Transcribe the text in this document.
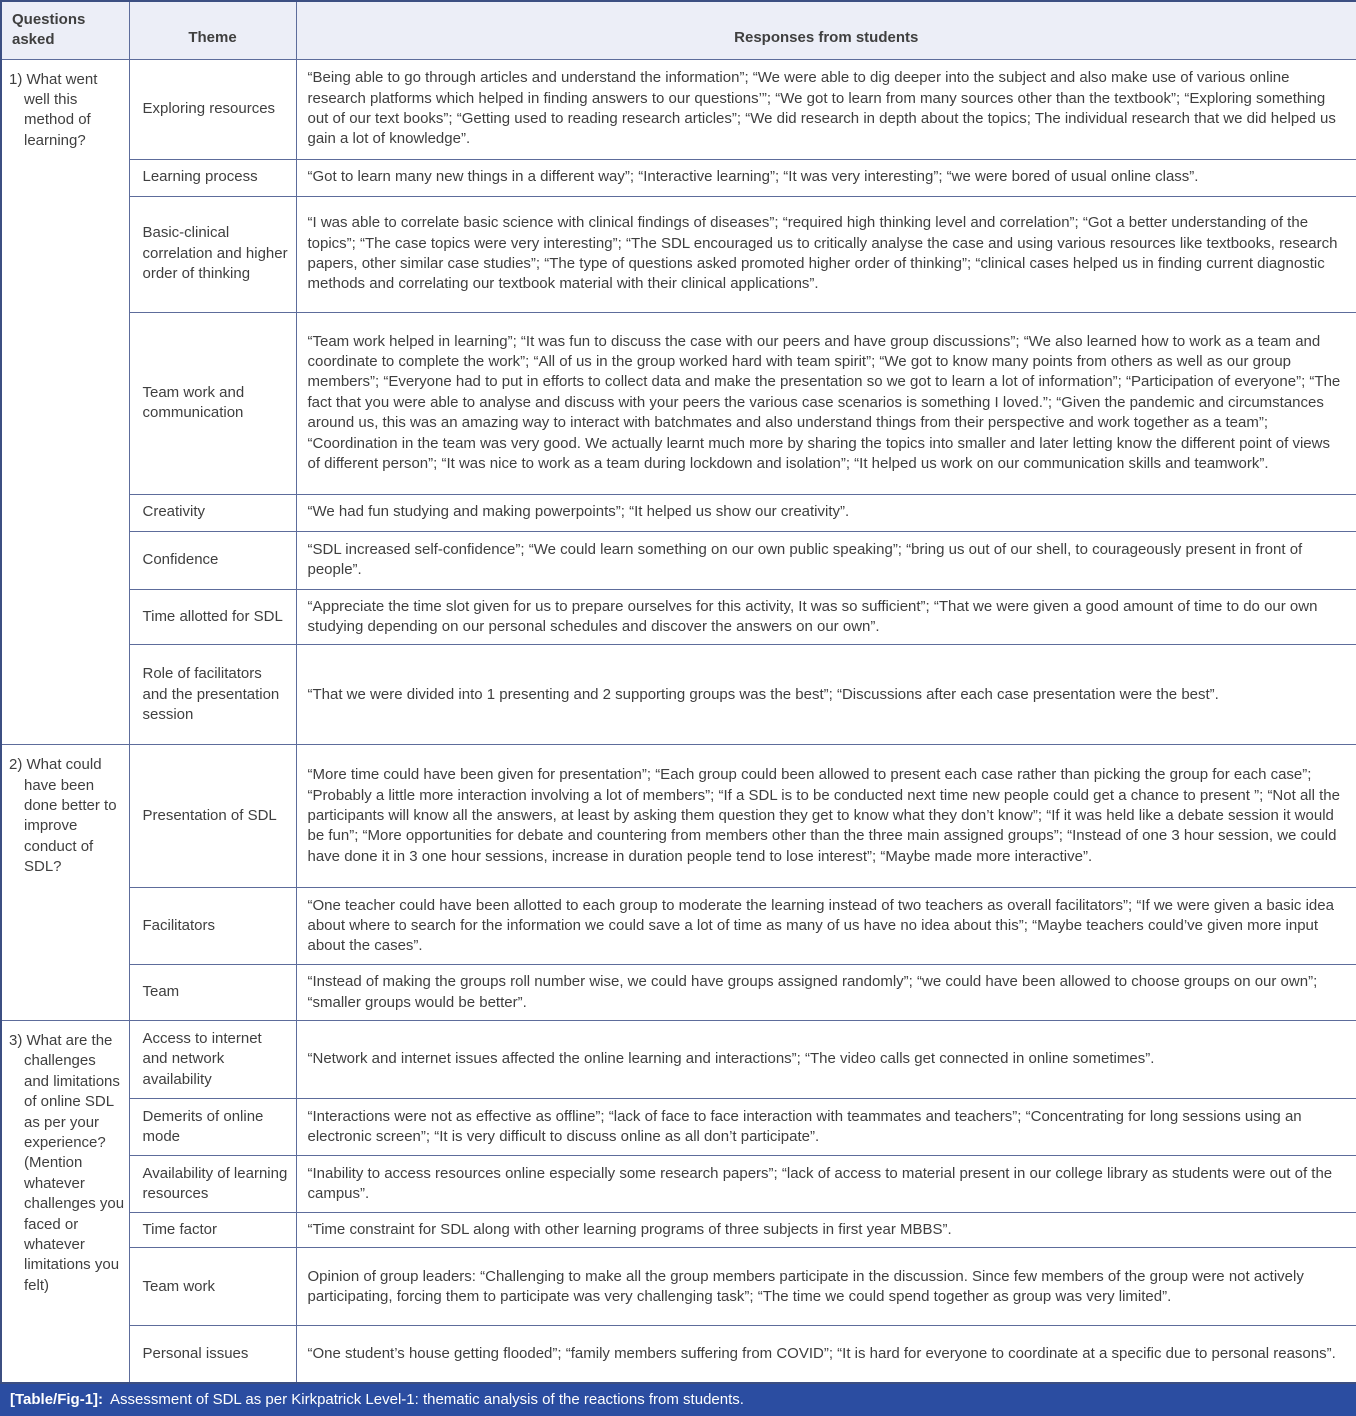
Questions asked	Theme	Responses from students
1) What went well this method of learning?	Exploring resources	“Being able to go through articles and understand the information”; “We were able to dig deeper into the subject and also make use of various online research platforms which helped in finding answers to our questions’”; “We got to learn from many sources other than the textbook”; “Exploring something out of our text books”; “Getting used to reading research articles”; “We did research in depth about the topics; The individual research that we did helped us gain a lot of knowledge”.
	Learning process	“Got to learn many new things in a different way”; “Interactive learning”; “It was very interesting”; “we were bored of usual online class”.
	Basic-clinical correlation and higher order of thinking	“I was able to correlate basic science with clinical findings of diseases”; “required high thinking level and correlation”; “Got a better understanding of the topics”; “The case topics were very interesting”; “The SDL encouraged us to critically analyse the case and using various resources like textbooks, research papers, other similar case studies”; “The type of questions asked promoted higher order of thinking”; “clinical cases helped us in finding current diagnostic methods and correlating our textbook material with their clinical applications”.
	Team work and communication	“Team work helped in learning”; “It was fun to discuss the case with our peers and have group discussions”; “We also learned how to work as a team and coordinate to complete the work”; “All of us in the group worked hard with team spirit”; “We got to know many points from others as well as our group members”; “Everyone had to put in efforts to collect data and make the presentation so we got to learn a lot of information”; “Participation of everyone”; “The fact that you were able to analyse and discuss with your peers the various case scenarios is something I loved.”; “Given the pandemic and circumstances around us, this was an amazing way to interact with batchmates and also understand things from their perspective and work together as a team”; “Coordination in the team was very good. We actually learnt much more by sharing the topics into smaller and later letting know the different point of views of different person”; “It was nice to work as a team during lockdown and isolation”; “It helped us work on our communication skills and teamwork”.
	Creativity	“We had fun studying and making powerpoints”; “It helped us show our creativity”.
	Confidence	“SDL increased self-confidence”; “We could learn something on our own public speaking”; “bring us out of our shell, to courageously present in front of people”.
	Time allotted for SDL	“Appreciate the time slot given for us to prepare ourselves for this activity, It was so sufficient”; “That we were given a good amount of time to do our own studying depending on our personal schedules and discover the answers on our own”.
	Role of facilitators and the presentation session	“That we were divided into 1 presenting and 2 supporting groups was the best”; “Discussions after each case presentation were the best”.
2) What could have been done better to improve conduct of SDL?	Presentation of SDL	“More time could have been given for presentation”; “Each group could been allowed to present each case rather than picking the group for each case”; “Probably a little more interaction involving a lot of members”; “If a SDL is to be conducted next time new people could get a chance to present ”; “Not all the participants will know all the answers, at least by asking them question they get to know what they don’t know”; “If it was held like a debate session it would be fun”; “More opportunities for debate and countering from members other than the three main assigned groups”; “Instead of one 3 hour session, we could have done it in 3 one hour sessions, increase in duration people tend to lose interest”; “Maybe made more interactive”.
	Facilitators	“One teacher could have been allotted to each group to moderate the learning instead of two teachers as overall facilitators”; “If we were given a basic idea about where to search for the information we could save a lot of time as many of us have no idea about this”; “Maybe teachers could’ve given more input about the cases”.
	Team	“Instead of making the groups roll number wise, we could have groups assigned randomly”; “we could have been allowed to choose groups on our own”; “smaller groups would be better”.
3) What are the challenges and limitations of online SDL as per your experience? (Mention whatever challenges you faced or whatever limitations you felt)	Access to internet and network availability	“Network and internet issues affected the online learning and interactions”; “The video calls get connected in online sometimes”.
	Demerits of online mode	“Interactions were not as effective as offline”; “lack of face to face interaction with teammates and teachers”; “Concentrating for long sessions using an electronic screen”; “It is very difficult to discuss online as all don’t participate”.
	Availability of learning resources	“Inability to access resources online especially some research papers”; “lack of access to material present in our college library as students were out of the campus”.
	Time factor	“Time constraint for SDL along with other learning programs of three subjects in first year MBBS”.
	Team work	Opinion of group leaders: “Challenging to make all the group members participate in the discussion. Since few members of the group were not actively participating, forcing them to participate was very challenging task”; “The time we could spend together as group was very limited”.
	Personal issues	“One student’s house getting flooded”; “family members suffering from COVID”; “It is hard for everyone to coordinate at a specific due to personal reasons”.
[Table/Fig-1]: Assessment of SDL as per Kirkpatrick Level-1: thematic analysis of the reactions from students.
